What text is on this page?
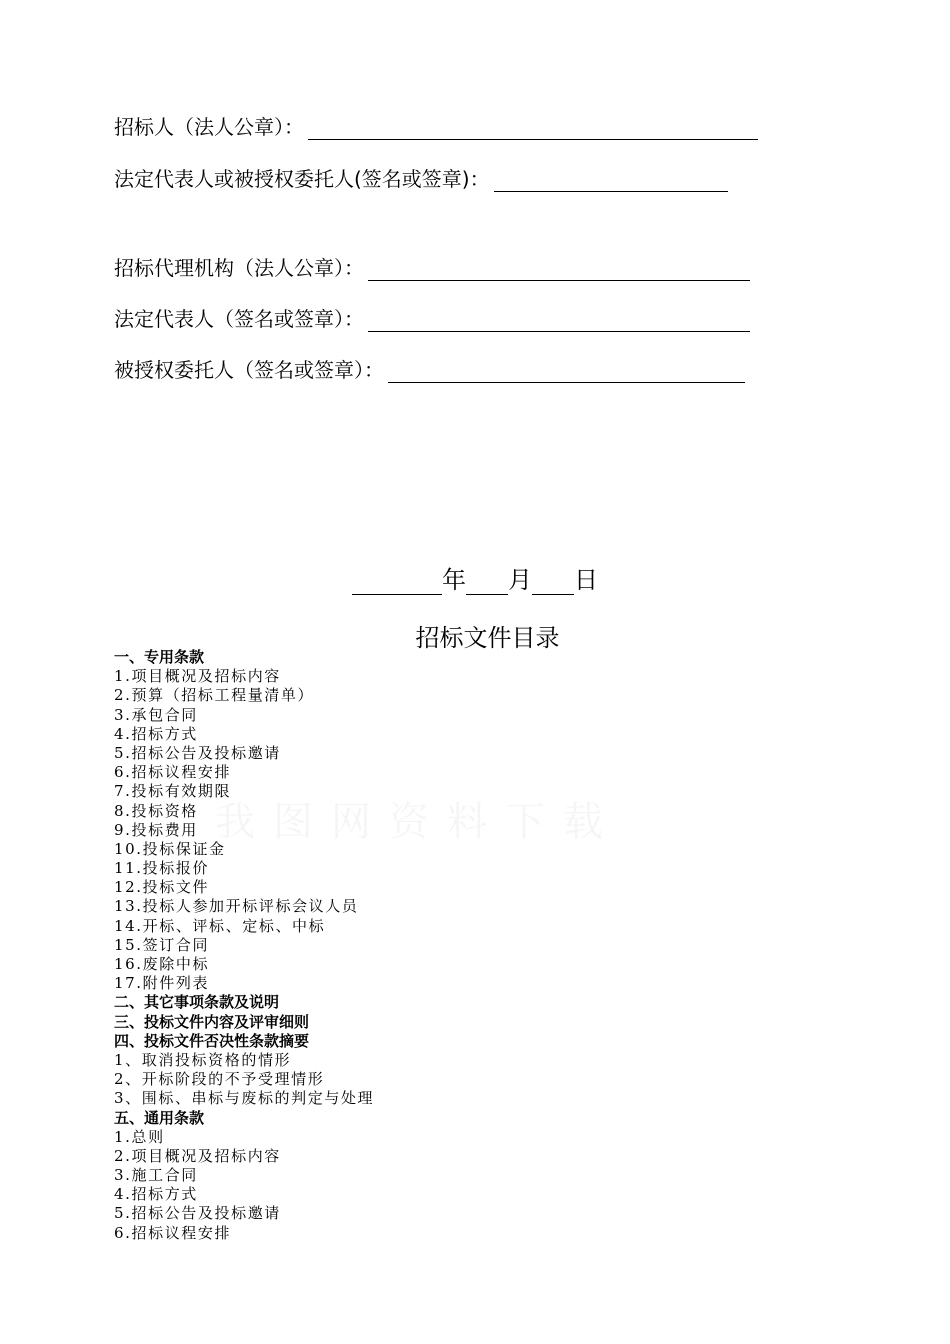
招标人（法人公章）：
法定代表人或被授权委托人(签名或签章)：
招标代理机构（法人公章）：
法定代表人（签名或签章）：
被授权委托人（签名或签章）：
年 月 日
招标文件目录
一、专用条款
1.项目概况及招标内容
2.预算（招标工程量清单）
3.承包合同
4.招标方式
5.招标公告及投标邀请
6.招标议程安排
7.投标有效期限
8.投标资格
9.投标费用
10.投标保证金
11.投标报价
12.投标文件
13.投标人参加开标评标会议人员
14.开标、评标、定标、中标
15.签订合同
16.废除中标
17.附件列表
二、其它事项条款及说明
三、投标文件内容及评审细则
四、投标文件否决性条款摘要
1、取消投标资格的情形
2、开标阶段的不予受理情形
3、围标、串标与废标的判定与处理
五、通用条款
1.总则
2.项目概况及招标内容
3.施工合同
4.招标方式
5.招标公告及投标邀请
6.招标议程安排
